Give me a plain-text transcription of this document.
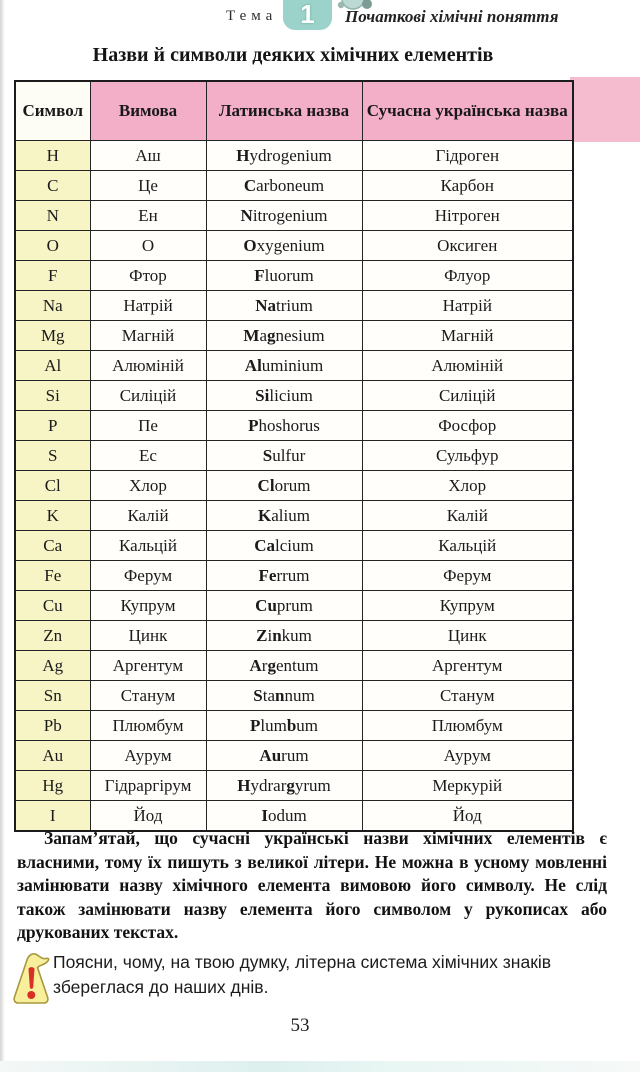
Тема 1	Початкові хімічні поняття
Назви й символи деяких хімічних елементів
Символ	Вимова	Латинська назва	Сучасна українська назва
H	Аш	Hydrogenium	Гідроген
C	Це	Carboneum	Карбон
N	Ен	Nitrogenium	Нітроген
O	О	Oxygenium	Оксиген
F	Фтор	Fluorum	Флуор
Na	Натрій	Natrium	Натрій
Mg	Магній	Magnesium	Магній
Al	Алюміній	Aluminium	Алюміній
Si	Силіцій	Silicium	Силіцій
P	Пе	Phoshorus	Фосфор
S	Ес	Sulfur	Сульфур
Cl	Хлор	Clorum	Хлор
K	Калій	Kalium	Калій
Ca	Кальцій	Calcium	Кальцій
Fe	Ферум	Ferrum	Ферум
Cu	Купрум	Cuprum	Купрум
Zn	Цинк	Zinkum	Цинк
Ag	Аргентум	Argentum	Аргентум
Sn	Станум	Stannum	Станум
Pb	Плюмбум	Plumbum	Плюмбум
Au	Аурум	Aurum	Аурум
Hg	Гідраргірум	Hydrargyrum	Меркурій
I	Йод	Iodum	Йод
Запам’ятай, що сучасні українські назви хімічних елементів є власними, тому їх пишуть з великої літери. Не можна в усному мовленні замінювати назву хімічного елемента вимовою його символу. Не слід також замінювати назву елемента його символом у рукописах або друкованих текстах.
Поясни, чому, на твою думку, літерна система хімічних знаків збереглася до наших днів.
53
